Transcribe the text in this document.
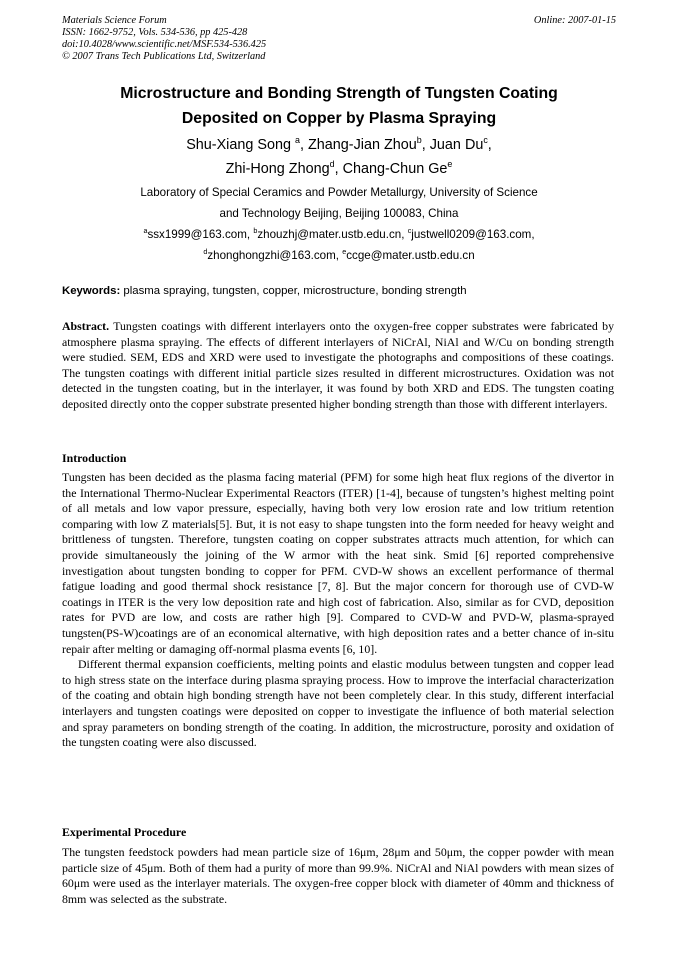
Materials Science Forum
ISSN: 1662-9752, Vols. 534-536, pp 425-428
doi:10.4028/www.scientific.net/MSF.534-536.425
© 2007 Trans Tech Publications Ltd, Switzerland
Online: 2007-01-15
Microstructure and Bonding Strength of Tungsten Coating
Deposited on Copper by Plasma Spraying
Shu-Xiang Song $^a$, Zhang-Jian Zhou$^b$, Juan Du$^c$,
Zhi-Hong Zhong$^d$, Chang-Chun Ge$^e$
Laboratory of Special Ceramics and Powder Metallurgy, University of Science
and Technology Beijing, Beijing 100083, China
$^a$ssx1999@163.com, $^b$zhouzhj@mater.ustb.edu.cn, $^c$justwell0209@163.com,
$^d$zhonghongzhi@163.com, $^e$ccge@mater.ustb.edu.cn
Keywords: plasma spraying, tungsten, copper, microstructure, bonding strength

Abstract. Tungsten coatings with different interlayers onto the oxygen-free copper substrates were fabricated by atmosphere plasma spraying. The effects of different interlayers of NiCrAl, NiAl and W/Cu on bonding strength were studied. SEM, EDS and XRD were used to investigate the photographs and compositions of these coatings. The tungsten coatings with different initial particle sizes resulted in different microstructures. Oxidation was not detected in the tungsten coating, but in the interlayer, it was found by both XRD and EDS. The tungsten coating deposited directly onto the copper substrate presented higher bonding strength than those with different interlayers.

Introduction

Tungsten has been decided as the plasma facing material (PFM) for some high heat flux regions of the divertor in the International Thermo-Nuclear Experimental Reactors (ITER) [1-4], because of tungsten’s highest melting point of all metals and low vapor pressure, especially, having both very low erosion rate and low tritium retention comparing with low Z materials[5]. But, it is not easy to shape tungsten into the form needed for heavy weight and brittleness of tungsten. Therefore, tungsten coating on copper substrates attracts much attention, for which can provide simultaneously the joining of the W armor with the heat sink. Smid [6] reported comprehensive investigation about tungsten bonding to copper for PFM. CVD-W shows an excellent performance of thermal fatigue loading and good thermal shock resistance [7, 8]. But the major concern for thorough use of CVD-W coatings in ITER is the very low deposition rate and high cost of fabrication. Also, similar as for CVD, deposition rates for PVD are low, and costs are rather high [9]. Compared to CVD-W and PVD-W, plasma-sprayed tungsten(PS-W)coatings are of an economical alternative, with high deposition rates and a better chance of in-situ repair after melting or damaging off-normal plasma events [6, 10].

Different thermal expansion coefficients, melting points and elastic modulus between tungsten and copper lead to high stress state on the interface during plasma spraying process. How to improve the interfacial characterization of the coating and obtain high bonding strength have not been completely clear. In this study, different interfacial interlayers and tungsten coatings were deposited on copper to investigate the influence of both material selection and spray parameters on bonding strength of the coating. In addition, the microstructure, porosity and oxidation of the tungsten coating were also discussed.

Experimental Procedure

The tungsten feedstock powders had mean particle size of 16μm, 28μm and 50μm, the copper powder with mean particle size of 45μm. Both of them had a purity of more than 99.9%. NiCrAl and NiAl powders with mean sizes of 60μm were used as the interlayer materials. The oxygen-free copper block with diameter of 40mm and thickness of 8mm was selected as the substrate.
